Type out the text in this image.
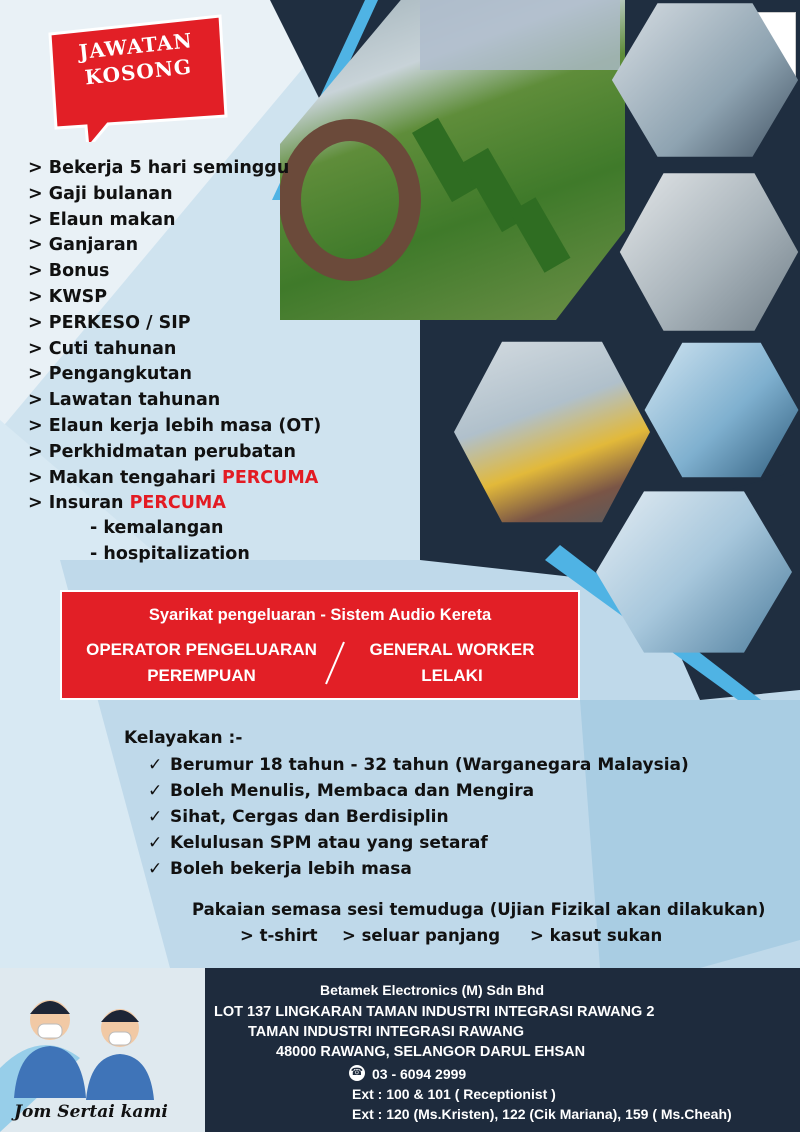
JAWATAN
KOSONG
> Bekerja 5 hari seminggu
> Gaji bulanan
> Elaun makan
> Ganjaran
> Bonus
> KWSP
> PERKESO / SIP
> Cuti tahunan
> Pengangkutan
> Lawatan tahunan
> Elaun kerja lebih masa (OT)
> Perkhidmatan perubatan
> Makan tengahari PERCUMA
> Insuran PERCUMA
- kemalangan
- hospitalization
Syarikat pengeluaran - Sistem Audio Kereta
OPERATOR PENGELUARAN
PEREMPUAN
GENERAL WORKER
LELAKI
Kelayakan :-
✓ Berumur 18 tahun - 32 tahun (Warganegara Malaysia)
✓ Boleh Menulis, Membaca dan Mengira
✓ Sihat, Cergas dan Berdisiplin
✓ Kelulusan SPM atau yang setaraf
✓ Boleh bekerja lebih masa
Pakaian semasa sesi temuduga (Ujian Fizikal akan dilakukan)
> t-shirt > seluar panjang > kasut sukan
Jom Sertai kami
Betamek Electronics (M) Sdn Bhd
LOT 137 LINGKARAN TAMAN INDUSTRI INTEGRASI RAWANG 2
TAMAN INDUSTRI INTEGRASI RAWANG
48000 RAWANG, SELANGOR DARUL EHSAN
☎ 03 - 6094 2999
Ext : 100 & 101 ( Receptionist )
Ext : 120 (Ms.Kristen), 122 (Cik Mariana), 159 ( Ms.Cheah)
